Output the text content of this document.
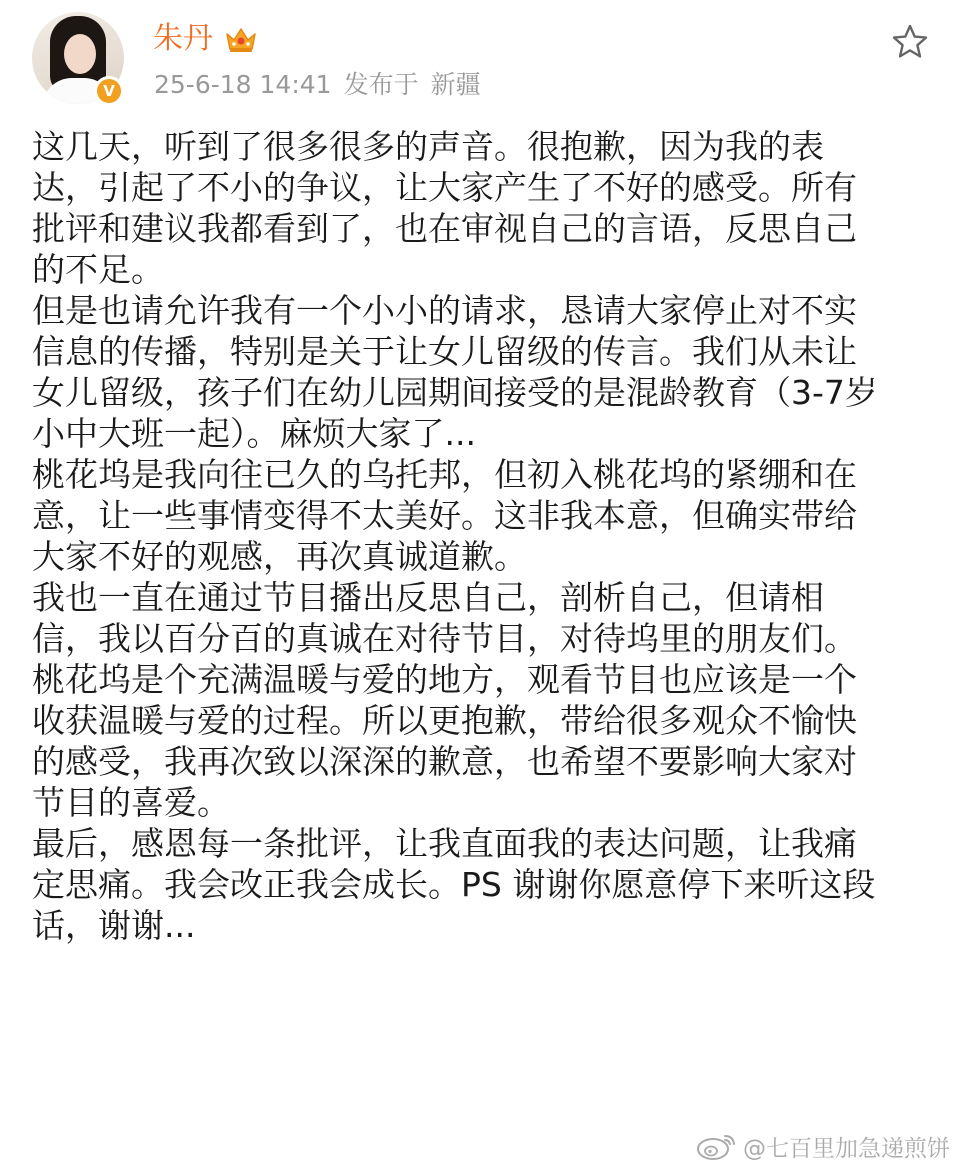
V
朱丹
25-6-18 14:41 发布于 新疆

这几天，听到了很多很多的声音。很抱歉，因为我的表
达，引起了不小的争议，让大家产生了不好的感受。所有
批评和建议我都看到了，也在审视自己的言语，反思自己
的不足。

但是也请允许我有一个小小的请求，恳请大家停止对不实
信息的传播，特别是关于让女儿留级的传言。我们从未让
女儿留级，孩子们在幼儿园期间接受的是混龄教育（3-7岁
小中大班一起）。麻烦大家了...

桃花坞是我向往已久的乌托邦，但初入桃花坞的紧绷和在
意，让一些事情变得不太美好。这非我本意，但确实带给
大家不好的观感，再次真诚道歉。

我也一直在通过节目播出反思自己，剖析自己，但请相
信，我以百分百的真诚在对待节目，对待坞里的朋友们。
桃花坞是个充满温暖与爱的地方，观看节目也应该是一个
收获温暖与爱的过程。所以更抱歉，带给很多观众不愉快
的感受，我再次致以深深的歉意，也希望不要影响大家对
节目的喜爱。

最后，感恩每一条批评，让我直面我的表达问题，让我痛
定思痛。我会改正我会成长。PS 谢谢你愿意停下来听这段
话，谢谢...

@七百里加急递煎饼
